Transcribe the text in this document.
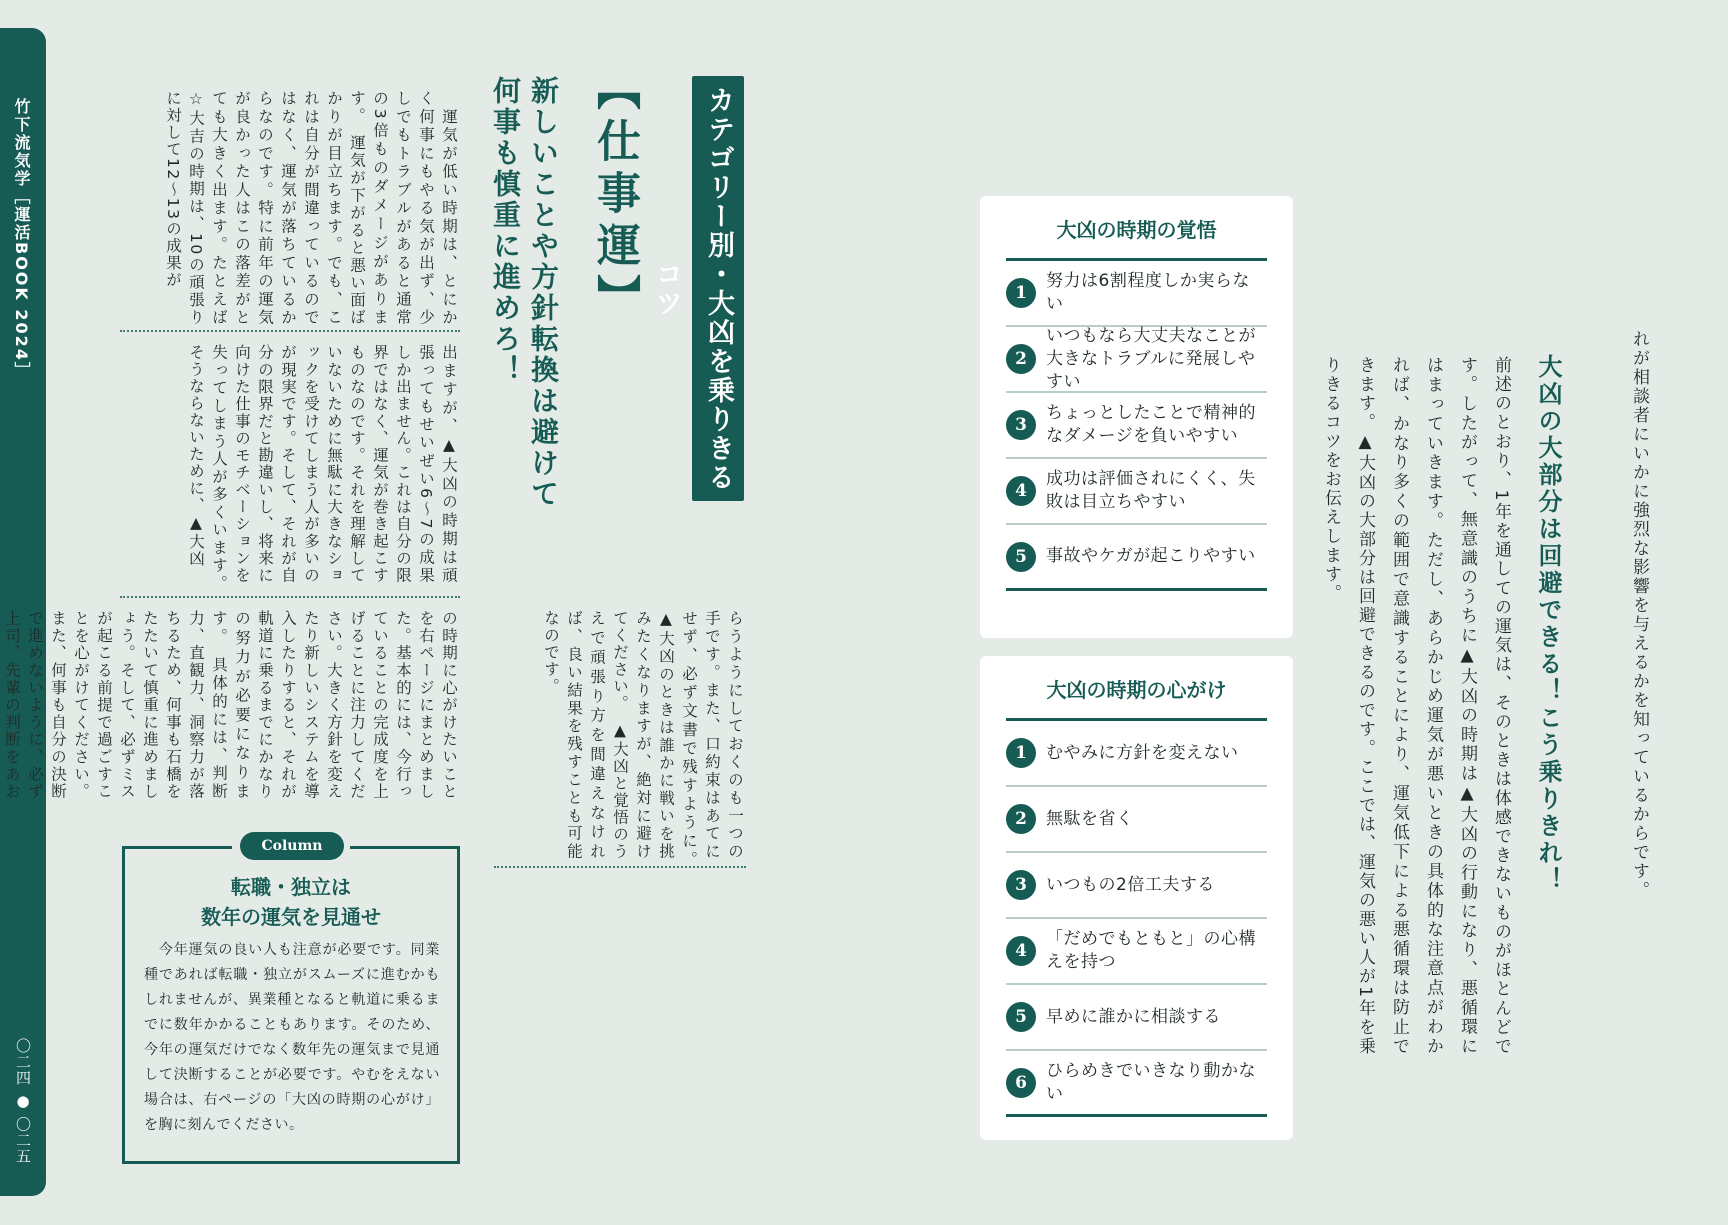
竹下流気学［運活BOOK 2024］
〇二四 ● 〇二五
カテゴリー別・大凶を乗りきるコツ
【仕事運】
新しいことや方針転換は避けて
何事も慎重に進めろ！

　運気が低い時期は、とにかく何事にもやる気が出ず、少しでもトラブルがあると通常の3倍ものダメージがあります。　運気が下がると悪い面ばかりが目立ちます。でも、これは自分が間違っているのではなく、運気が落ちているからなのです。特に前年の運気が良かった人はこの落差がとても大きく出ます。たとえば☆大吉の時期は、10の頑張りに対して12〜13の成果が

出ますが、▲大凶の時期は頑張ってもせいぜい6〜7の成果しか出ません。これは自分の限界ではなく、運気が巻き起こすものなのです。それを理解していないために無駄に大きなショックを受けてしまう人が多いのが現実です。そして、それが自分の限界だと勘違いし、将来に向けた仕事のモチベーションを失ってしまう人が多くいます。　そうならないために、▲大凶

の時期に心がけたいことを右ページにまとめました。基本的には、今行っていることの完成度を上げることに注力してください。大きく方針を変えたり新しいシステムを導入したりすると、それが軌道に乗るまでにかなりの努力が必要になります。　具体的には、判断力、直観力、洞察力が落ちるため、何事も石橋をたたいて慎重に進めましょう。そして、必ずミスが起こる前提で過ごすことを心がけてください。また、何事も自分の決断で進めないように、必ず上司、先輩の判断をあお	らうようにしておくのも一つの手です。また、口約束はあてにせず、必ず文書で残すように。　▲大凶のときは誰かに戦いを挑みたくなりますが、絶対に避けてください。　▲大凶と覚悟のうえで頑張り方を間違えなければ、良い結果を残すことも可能なのです。

Column
転職・独立は
数年の運気を見通せ

　今年運気の良い人も注意が必要です。同業種であれば転職・独立がスムーズに進むかもしれませんが、異業種となると軌道に乗るまでに数年かかることもあります。そのため、今年の運気だけでなく数年先の運気まで見通して決断することが必要です。やむをえない場合は、右ページの「大凶の時期の心がけ」を胸に刻んでください。

れが相談者にいかに強烈な影響を与えるかを知っているからです。

大凶の大部分は回避できる！こう乗りきれ！

前述のとおり、1年を通しての運気は、そのときは体感できないものがほとんどです。したがって、無意識のうちに▲大凶の時期は▲大凶の行動になり、悪循環にはまっていきます。ただし、あらかじめ運気が悪いときの具体的な注意点がわかれば、かなり多くの範囲で意識することにより、運気低下による悪循環は防止できます。▲大凶の大部分は回避できるのです。ここでは、運気の悪い人が1年を乗りきるコツをお伝えします。

大凶の時期の覚悟
1
努力は6割程度しか実らない
2
いつもなら大丈夫なことが大きなトラブルに発展しやすい
3
ちょっとしたことで精神的なダメージを負いやすい
4
成功は評価されにくく、失敗は目立ちやすい
5	事故やケガが起こりやすい
大凶の時期の心がけ
1	むやみに方針を変えない
2	無駄を省く
3	いつもの2倍工夫する
4
「だめでもともと」の心構えを持つ
5	早めに誰かに相談する
6
ひらめきでいきなり動かない
